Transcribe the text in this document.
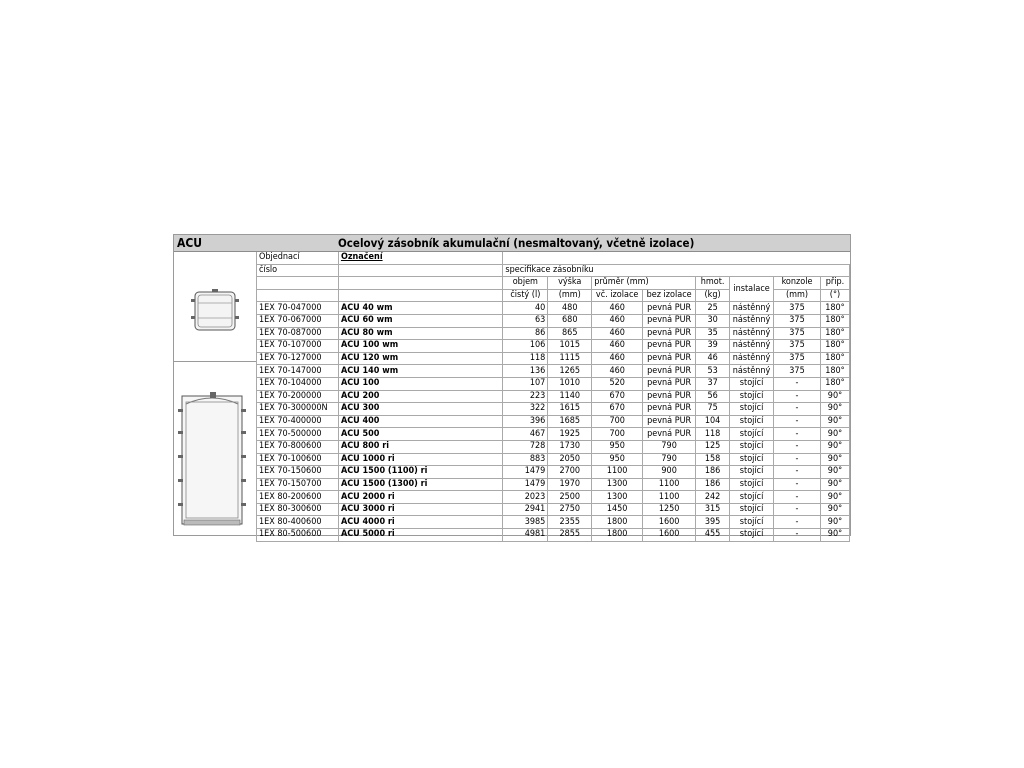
ACU	Ocelový zásobník akumulační (nesmaltovaný, včetně izolace)
Objednací	Označení								
číslo		specifikace zásobníku							
		objem	výška	průměr (mm)		hmot.	instalace	konzole	přip.
		čistý (l)	(mm)	vč. izolace	bez izolace	(kg)		(mm)	(°)
1EX 70-047000	ACU 40 wm	40	480	460	pevná PUR	25	nástěnný	375	180°
1EX 70-067000	ACU 60 wm	63	680	460	pevná PUR	30	nástěnný	375	180°
1EX 70-087000	ACU 80 wm	86	865	460	pevná PUR	35	nástěnný	375	180°
1EX 70-107000	ACU 100 wm	106	1015	460	pevná PUR	39	nástěnný	375	180°
1EX 70-127000	ACU 120 wm	118	1115	460	pevná PUR	46	nástěnný	375	180°
1EX 70-147000	ACU 140 wm	136	1265	460	pevná PUR	53	nástěnný	375	180°
1EX 70-104000	ACU 100	107	1010	520	pevná PUR	37	stojící	-	180°
1EX 70-200000	ACU 200	223	1140	670	pevná PUR	56	stojící	-	90°
1EX 70-300000N	ACU 300	322	1615	670	pevná PUR	75	stojící	-	90°
1EX 70-400000	ACU 400	396	1685	700	pevná PUR	104	stojící	-	90°
1EX 70-500000	ACU 500	467	1925	700	pevná PUR	118	stojící	-	90°
1EX 70-800600	ACU 800 ri	728	1730	950	790	125	stojící	-	90°
1EX 70-100600	ACU 1000 ri	883	2050	950	790	158	stojící	-	90°
1EX 70-150600	ACU 1500 (1100) ri	1479	2700	1100	900	186	stojící	-	90°
1EX 70-150700	ACU 1500 (1300) ri	1479	1970	1300	1100	186	stojící	-	90°
1EX 80-200600	ACU 2000 ri	2023	2500	1300	1100	242	stojící	-	90°
1EX 80-300600	ACU 3000 ri	2941	2750	1450	1250	315	stojící	-	90°
1EX 80-400600	ACU 4000 ri	3985	2355	1800	1600	395	stojící	-	90°
1EX 80-500600	ACU 5000 ri	4981	2855	1800	1600	455	stojící	-	90°
